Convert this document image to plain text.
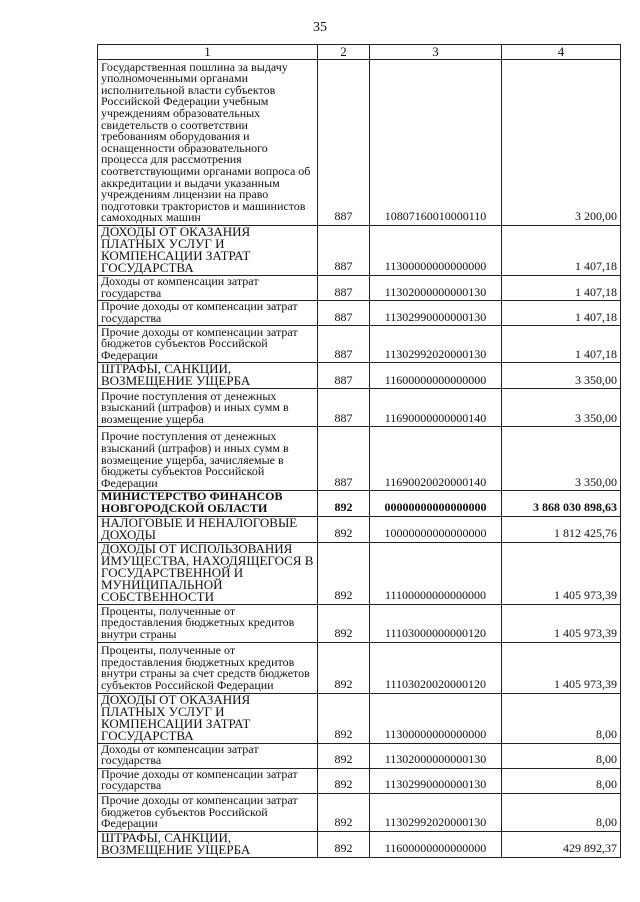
35
1	2	3	4
Государственная пошлина за выдачу уполномоченными органами исполнительной власти субъектов Российской Федерации учебным учреждениям образовательных свидетельств о соответствии требованиям оборудования и оснащенности образовательного процесса для рассмотрения соответствующими органами вопроса об аккредитации и выдачи указанным учреждениям лицензии на право подготовки трактористов и машинистов самоходных машин	887	10807160010000110	3 200,00
ДОХОДЫ ОТ ОКАЗАНИЯ ПЛАТНЫХ УСЛУГ И КОМПЕНСАЦИИ ЗАТРАТ ГОСУДАРСТВА	887	11300000000000000	1 407,18
Доходы от компенсации затрат государства	887	11302000000000130	1 407,18
Прочие доходы от компенсации затрат государства	887	11302990000000130	1 407,18
Прочие доходы от компенсации затрат бюджетов субъектов Российской Федерации	887	11302992020000130	1 407,18
ШТРАФЫ, САНКЦИИ, ВОЗМЕЩЕНИЕ УЩЕРБА	887	11600000000000000	3 350,00
Прочие поступления от денежных взысканий (штрафов) и иных сумм в возмещение ущерба	887	11690000000000140	3 350,00
Прочие поступления от денежных взысканий (штрафов) и иных сумм в возмещение ущерба, зачисляемые в бюджеты субъектов Российской Федерации	887	11690020020000140	3 350,00
МИНИСТЕРСТВО ФИНАНСОВ НОВГОРОДСКОЙ ОБЛАСТИ	892	00000000000000000	3 868 030 898,63
НАЛОГОВЫЕ И НЕНАЛОГОВЫЕ ДОХОДЫ	892	10000000000000000	1 812 425,76
ДОХОДЫ ОТ ИСПОЛЬЗОВАНИЯ ИМУЩЕСТВА, НАХОДЯЩЕГОСЯ В ГОСУДАРСТВЕННОЙ И МУНИЦИПАЛЬНОЙ СОБСТВЕННОСТИ	892	11100000000000000	1 405 973,39
Проценты, полученные от предоставления бюджетных кредитов внутри страны	892	11103000000000120	1 405 973,39
Проценты, полученные от предоставления бюджетных кредитов внутри страны за счет средств бюджетов субъектов Российской Федерации	892	11103020020000120	1 405 973,39
ДОХОДЫ ОТ ОКАЗАНИЯ ПЛАТНЫХ УСЛУГ И КОМПЕНСАЦИИ ЗАТРАТ ГОСУДАРСТВА	892	11300000000000000	8,00
Доходы от компенсации затрат государства	892	11302000000000130	8,00
Прочие доходы от компенсации затрат государства	892	11302990000000130	8,00
Прочие доходы от компенсации затрат бюджетов субъектов Российской Федерации	892	11302992020000130	8,00
ШТРАФЫ, САНКЦИИ, ВОЗМЕЩЕНИЕ УЩЕРБА	892	11600000000000000	429 892,37
